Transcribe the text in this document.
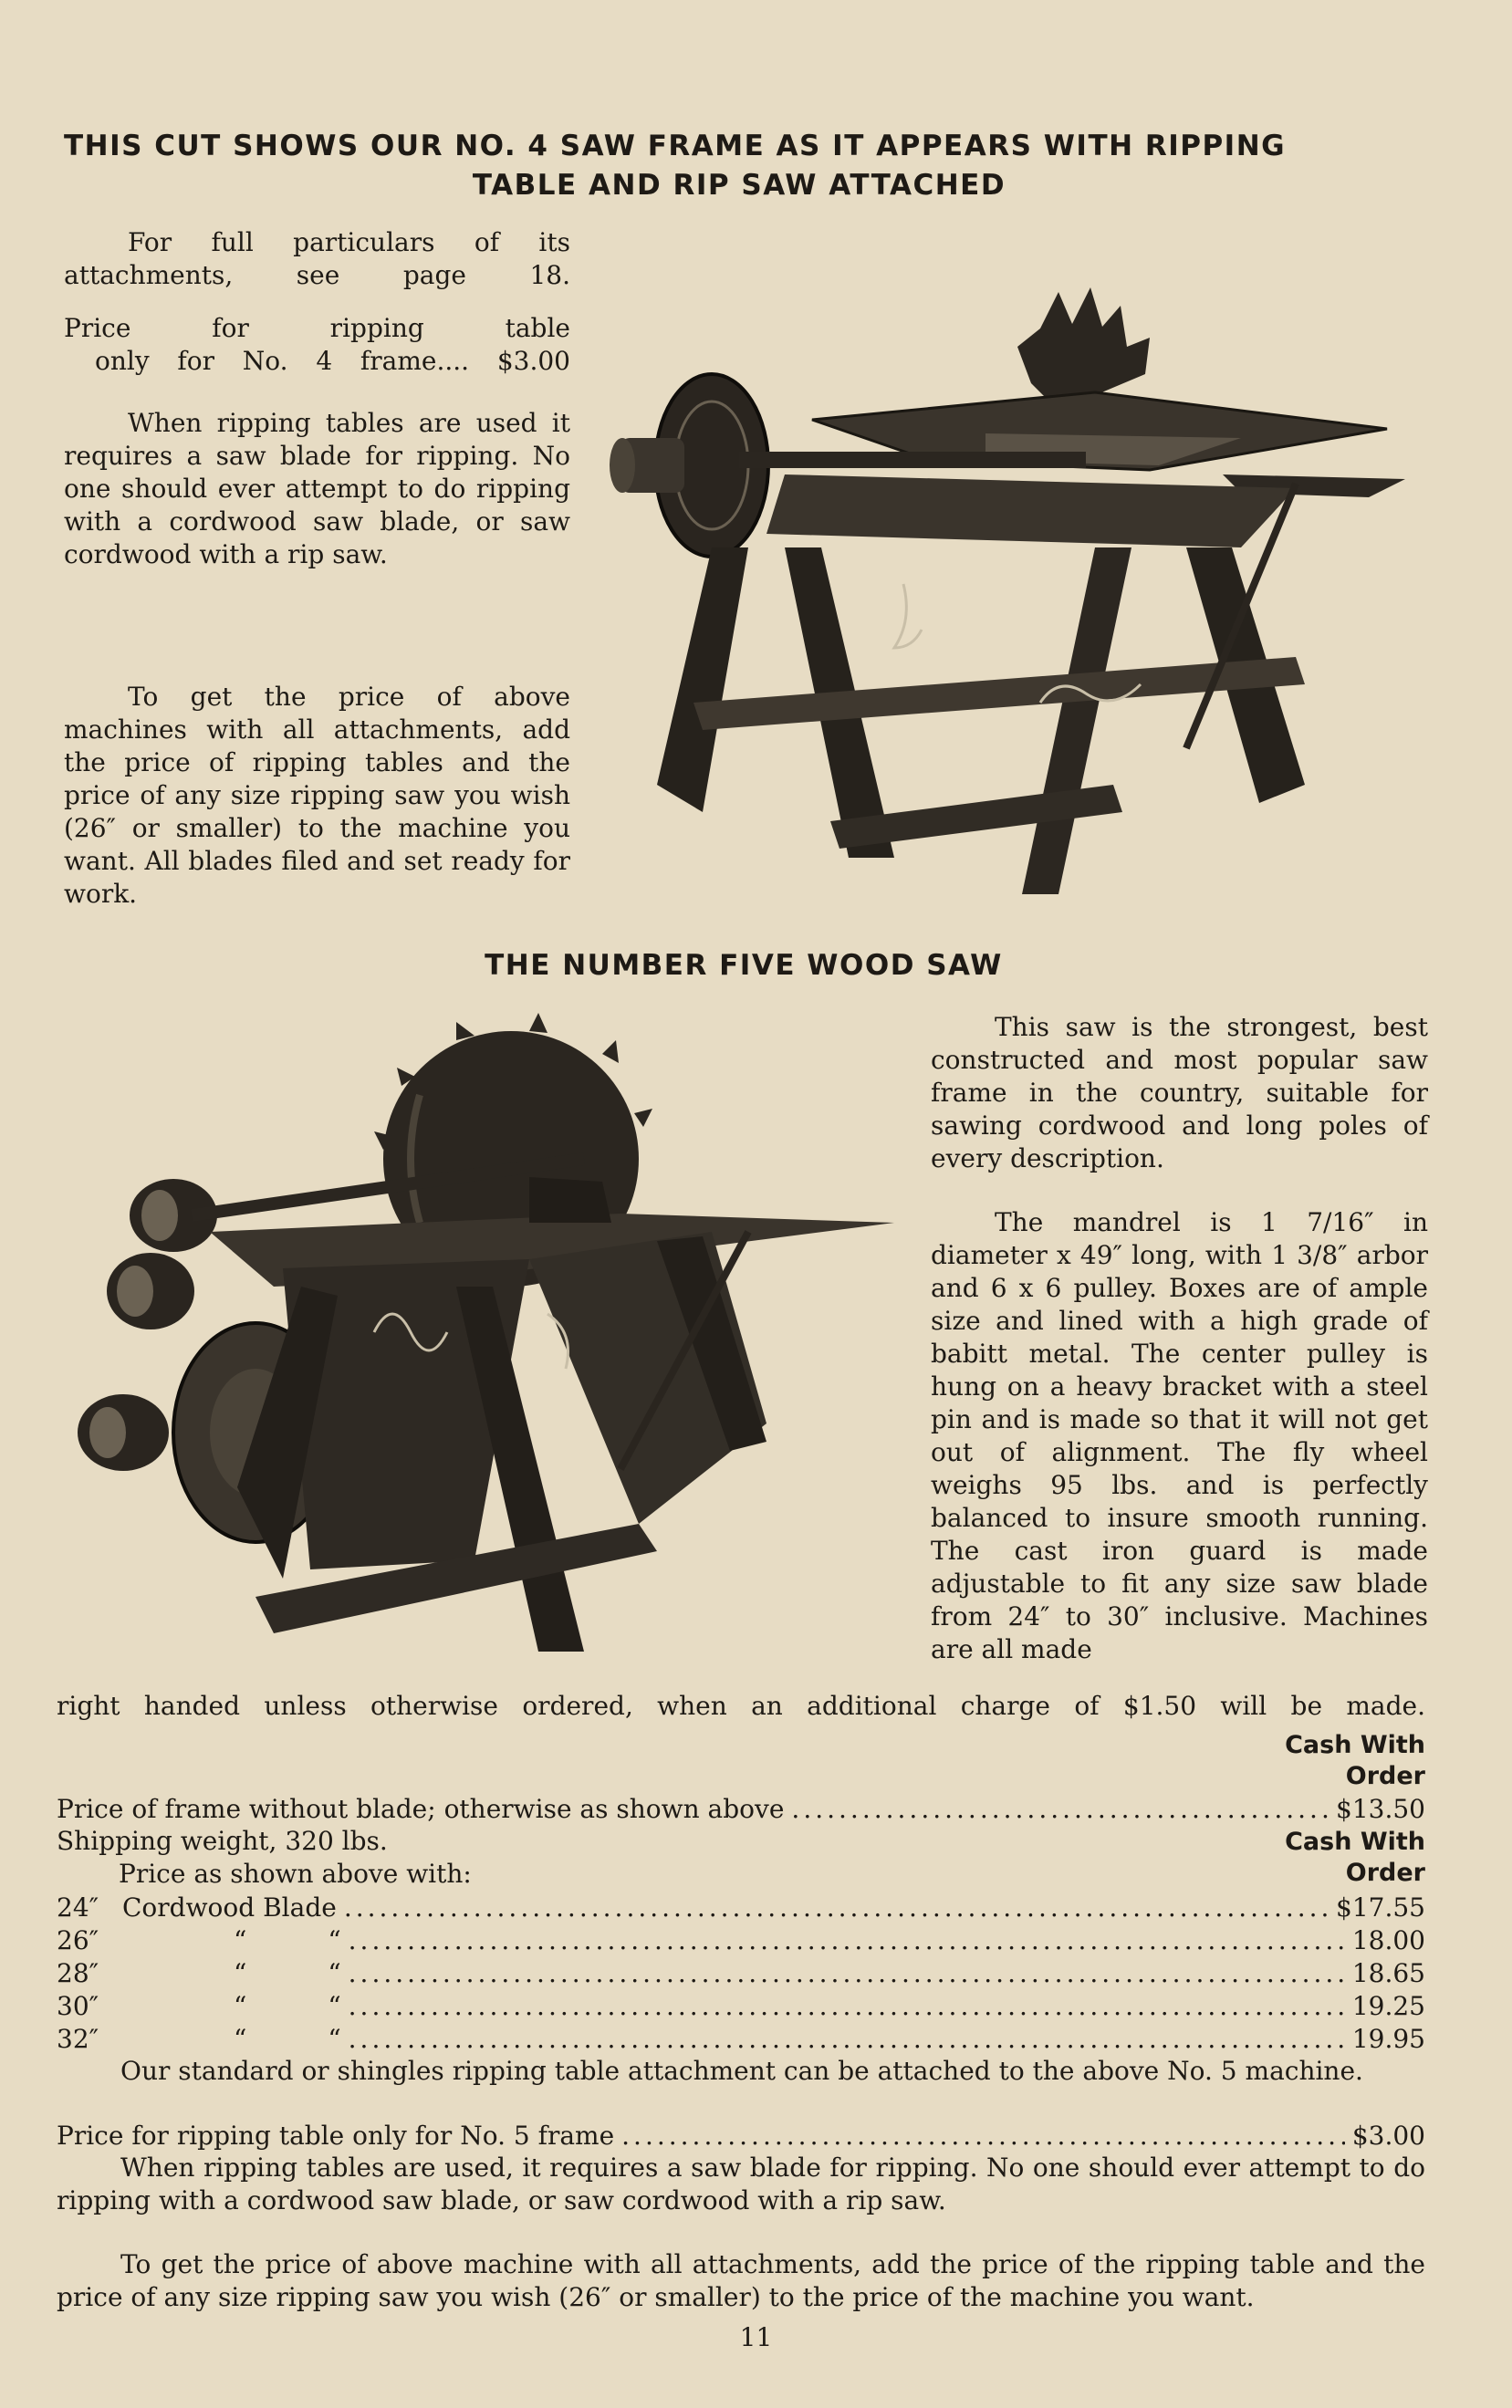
THIS CUT SHOWS OUR NO. 4 SAW FRAME AS IT APPEARS WITH RIPPING
TABLE AND RIP SAW ATTACHED
For full particulars of its attachments, see page 18.
Price for ripping table
only for No. 4 frame.... $3.00
When ripping tables are used it requires a saw blade for ripping. No one should ever attempt to do ripping with a cordwood saw blade, or saw cordwood with a rip saw.
To get the price of above machines with all attachments, add the price of ripping tables and the price of any size ripping saw you wish (26″ or smaller) to the machine you want. All blades filed and set ready for work.
THE NUMBER FIVE WOOD SAW
This saw is the strongest, best constructed and most popular saw frame in the country, suitable for sawing cordwood and long poles of every description.
The mandrel is 1 7/16″ in diameter x 49″ long, with 1 3/8″ arbor and 6 x 6 pulley. Boxes are of ample size and lined with a high grade of babitt metal. The center pulley is hung on a heavy bracket with a steel pin and is made so that it will not get out of alignment. The fly wheel weighs 95 lbs. and is perfectly balanced to insure smooth running. The cast iron guard is made adjustable to fit any size saw blade from 24″ to 30″ inclusive. Machines are all made
right handed unless otherwise ordered, when an additional charge of $1.50 will be made.
Cash With Order
Price of frame without blade; otherwise as shown above .....	$13.50
Shipping weight, 320 lbs.	Cash With Order
Price as shown above with:
24″ Cordwood Blade .....	$17.55
26″	“          “ .....	18.00
28″	“          “ .....	18.65
30″	“          “ .....	19.25
32″	“          “ .....	19.95
Our standard or shingles ripping table attachment can be attached to the above No. 5 machine.
Price for ripping table only for No. 5 frame .....	$3.00
When ripping tables are used, it requires a saw blade for ripping. No one should ever attempt to do ripping with a cordwood saw blade, or saw cordwood with a rip saw.
To get the price of above machine with all attachments, add the price of the ripping table and the price of any size ripping saw you wish (26″ or smaller) to the price of the machine you want.
11
